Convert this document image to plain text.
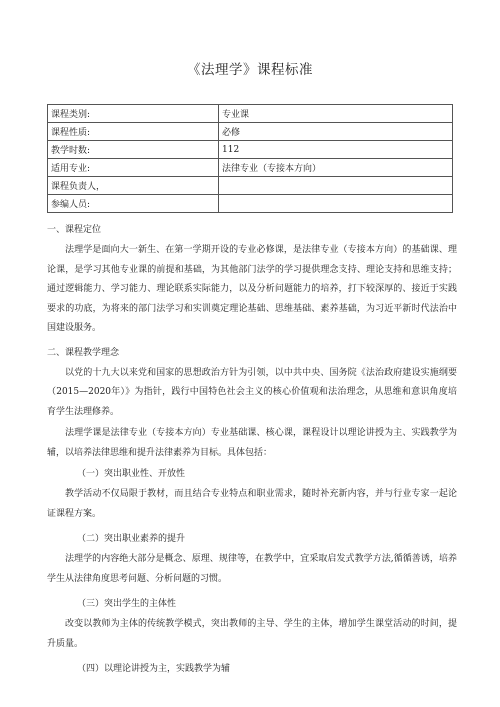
《法理学》课程标准
课程类别:	专业课
课程性质:	必修
教学时数:	112
适用专业:	法律专业（专接本方向）
课程负责人，	
参编人员:	

一、课程定位

法理学是面向大一新生、在第一学期开设的专业必修课，是法律专业（专接本方向）的基础课、理论课，是学习其他专业课的前提和基础，为其他部门法学的学习提供理念支持、理论支持和思维支持；通过逻辑能力、学习能力、理论联系实际能力，以及分析问题能力的培养，打下较深厚的、接近于实践要求的功底，为将来的部门法学习和实训奠定理论基础、思维基础、素养基础，为习近平新时代法治中国建设服务。

二、课程教学理念

以党的十九大以来党和国家的思想政治方针为引领，以中共中央、国务院《法治政府建设实施纲要（2015—2020年）》为指针，践行中国特色社会主义的核心价值观和法治理念，从思维和意识角度培育学生法理修养。

法理学课是法律专业（专接本方向）专业基础课、核心课，课程设计以理论讲授为主、实践教学为辅，以培养法律思维和提升法律素养为目标。具体包括：

（一）突出职业性、开放性

教学活动不仅局限于教材，而且结合专业特点和职业需求，随时补充新内容，并与行业专家一起论证课程方案。

（二）突出职业素养的提升

法理学的内容绝大部分是概念、原理、规律等，在教学中，宜采取启发式教学方法,循循善诱，培养学生从法律角度思考问题、分析问题的习惯。

（三）突出学生的主体性

改变以教师为主体的传统教学模式，突出教师的主导、学生的主体，增加学生课堂活动的时间，提升质量。

（四）以理论讲授为主，实践教学为辅
